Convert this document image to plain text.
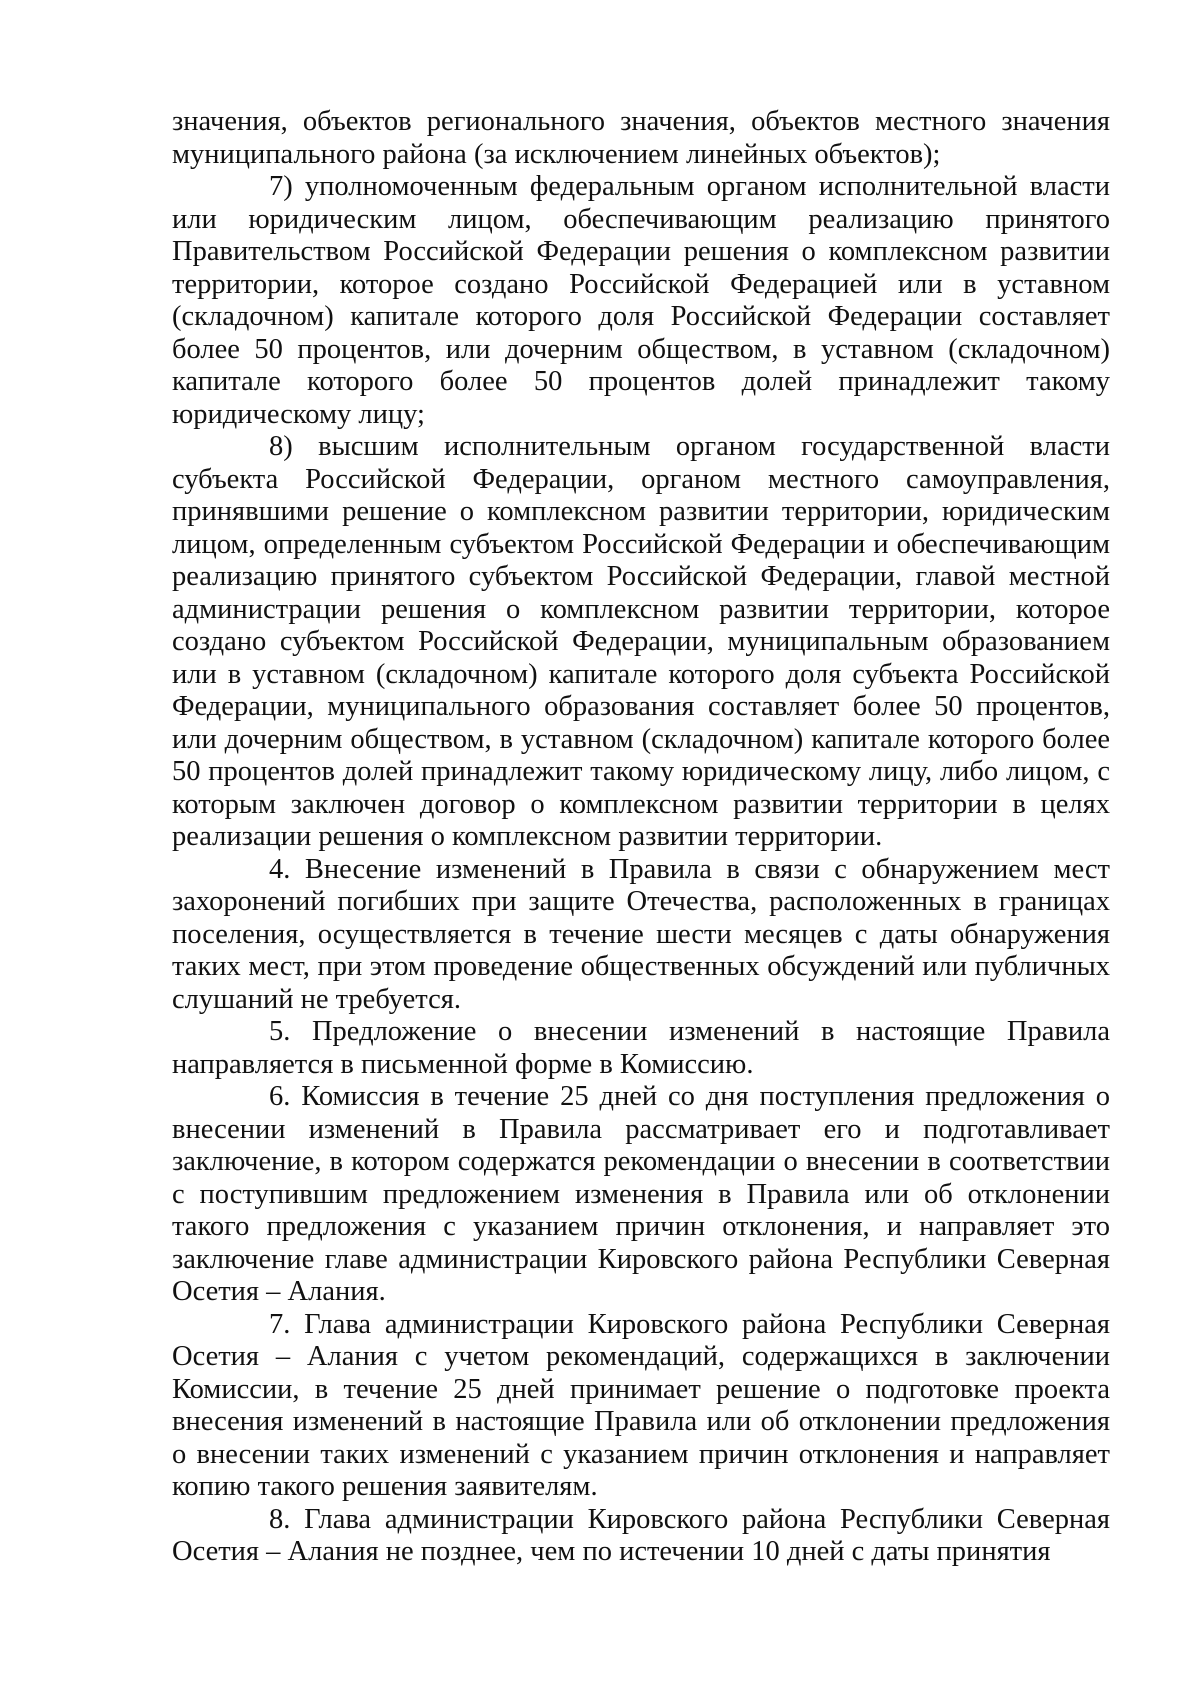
значения, объектов регионального значения, объектов местного значения муниципального района (за исключением линейных объектов);

7) уполномоченным федеральным органом исполнительной власти или юридическим лицом, обеспечивающим реализацию принятого Правительством Российской Федерации решения о комплексном развитии территории, которое создано Российской Федерацией или в уставном (складочном) капитале которого доля Российской Федерации составляет более 50 процентов, или дочерним обществом, в уставном (складочном) капитале которого более 50 процентов долей принадлежит такому юридическому лицу;

8) высшим исполнительным органом государственной власти субъекта Российской Федерации, органом местного самоуправления, принявшими решение о комплексном развитии территории, юридическим лицом, определенным субъектом Российской Федерации и обеспечивающим реализацию принятого субъектом Российской Федерации, главой местной администрации решения о комплексном развитии территории, которое создано субъектом Российской Федерации, муниципальным образованием или в уставном (складочном) капитале которого доля субъекта Российской Федерации, муниципального образования составляет более 50 процентов, или дочерним обществом, в уставном (складочном) капитале которого более 50 процентов долей принадлежит такому юридическому лицу, либо лицом, с которым заключен договор о комплексном развитии территории в целях реализации решения о комплексном развитии территории.

4. Внесение изменений в Правила в связи с обнаружением мест захоронений погибших при защите Отечества, расположенных в границах поселения, осуществляется в течение шести месяцев с даты обнаружения таких мест, при этом проведение общественных обсуждений или публичных слушаний не требуется.

5. Предложение о внесении изменений в настоящие Правила направляется в письменной форме в Комиссию.

6. Комиссия в течение 25 дней со дня поступления предложения о внесении изменений в Правила рассматривает его и подготавливает заключение, в котором содержатся рекомендации о внесении в соответствии с поступившим предложением изменения в Правила или об отклонении такого предложения с указанием причин отклонения, и направляет это заключение главе администрации Кировского района Республики Северная Осетия – Алания.

7. Глава администрации Кировского района Республики Северная Осетия – Алания с учетом рекомендаций, содержащихся в заключении Комиссии, в течение 25 дней принимает решение о подготовке проекта внесения изменений в настоящие Правила или об отклонении предложения о внесении таких изменений с указанием причин отклонения и направляет копию такого решения заявителям.

8. Глава администрации Кировского района Республики Северная Осетия – Алания не позднее, чем по истечении 10 дней с даты принятия
